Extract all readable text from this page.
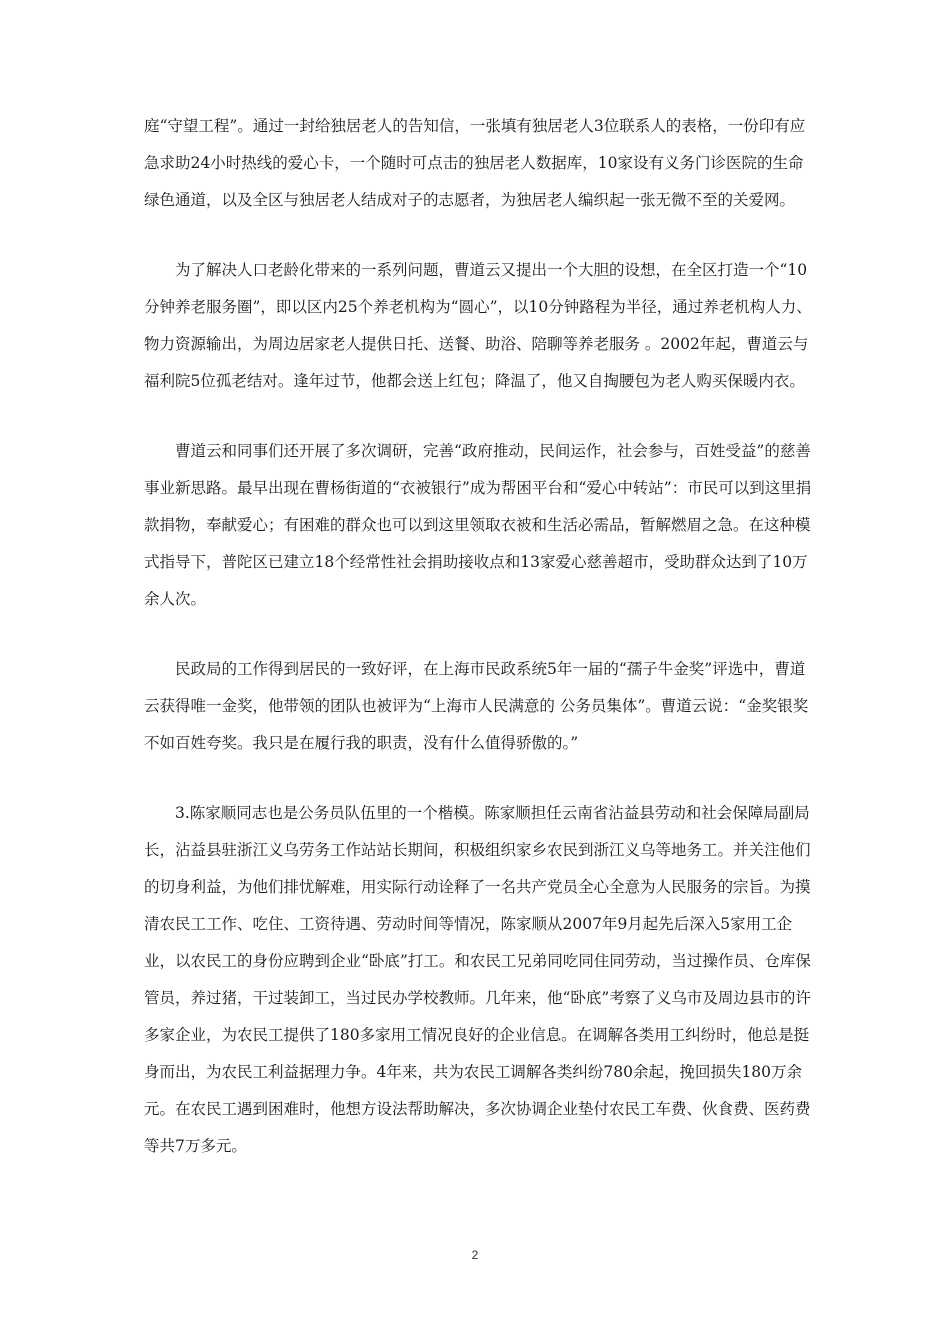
庭“守望工程”。通过一封给独居老人的告知信，一张填有独居老人3位联系人的表格，一份印有应急求助24小时热线的爱心卡，一个随时可点击的独居老人数据库，10家设有义务门诊医院的生命绿色通道，以及全区与独居老人结成对子的志愿者，为独居老人编织起一张无微不至的关爱网。

为了解决人口老龄化带来的一系列问题，曹道云又提出一个大胆的设想，在全区打造一个“10分钟养老服务圈”，即以区内25个养老机构为“圆心”，以10分钟路程为半径，通过养老机构人力、物力资源输出，为周边居家老人提供日托、送餐、助浴、陪聊等养老服务 。2002年起，曹道云与福利院5位孤老结对。逢年过节，他都会送上红包；降温了，他又自掏腰包为老人购买保暖内衣。

曹道云和同事们还开展了多次调研，完善“政府推动，民间运作，社会参与，百姓受益”的慈善事业新思路。最早出现在曹杨街道的“衣被银行”成为帮困平台和“爱心中转站”：市民可以到这里捐款捐物，奉献爱心；有困难的群众也可以到这里领取衣被和生活必需品，暂解燃眉之急。在这种模式指导下，普陀区已建立18个经常性社会捐助接收点和13家爱心慈善超市，受助群众达到了10万余人次。

民政局的工作得到居民的一致好评，在上海市民政系统5年一届的“孺子牛金奖”评选中，曹道云获得唯一金奖，他带领的团队也被评为“上海市人民满意的 公务员集体”。曹道云说：“金奖银奖不如百姓夸奖。我只是在履行我的职责，没有什么值得骄傲的。”

3.陈家顺同志也是公务员队伍里的一个楷模。陈家顺担任云南省沾益县劳动和社会保障局副局长，沾益县驻浙江义乌劳务工作站站长期间，积极组织家乡农民到浙江义乌等地务工。并关注他们的切身利益，为他们排忧解难，用实际行动诠释了一名共产党员全心全意为人民服务的宗旨。为摸清农民工工作、吃住、工资待遇、劳动时间等情况，陈家顺从2007年9月起先后深入5家用工企业，以农民工的身份应聘到企业“卧底”打工。和农民工兄弟同吃同住同劳动，当过操作员、仓库保管员，养过猪，干过装卸工，当过民办学校教师。几年来，他“卧底”考察了义乌市及周边县市的许多家企业，为农民工提供了180多家用工情况良好的企业信息。在调解各类用工纠纷时，他总是挺身而出，为农民工利益据理力争。4年来，共为农民工调解各类纠纷780余起，挽回损失180万余元。在农民工遇到困难时，他想方设法帮助解决，多次协调企业垫付农民工车费、伙食费、医药费等共7万多元。

2
